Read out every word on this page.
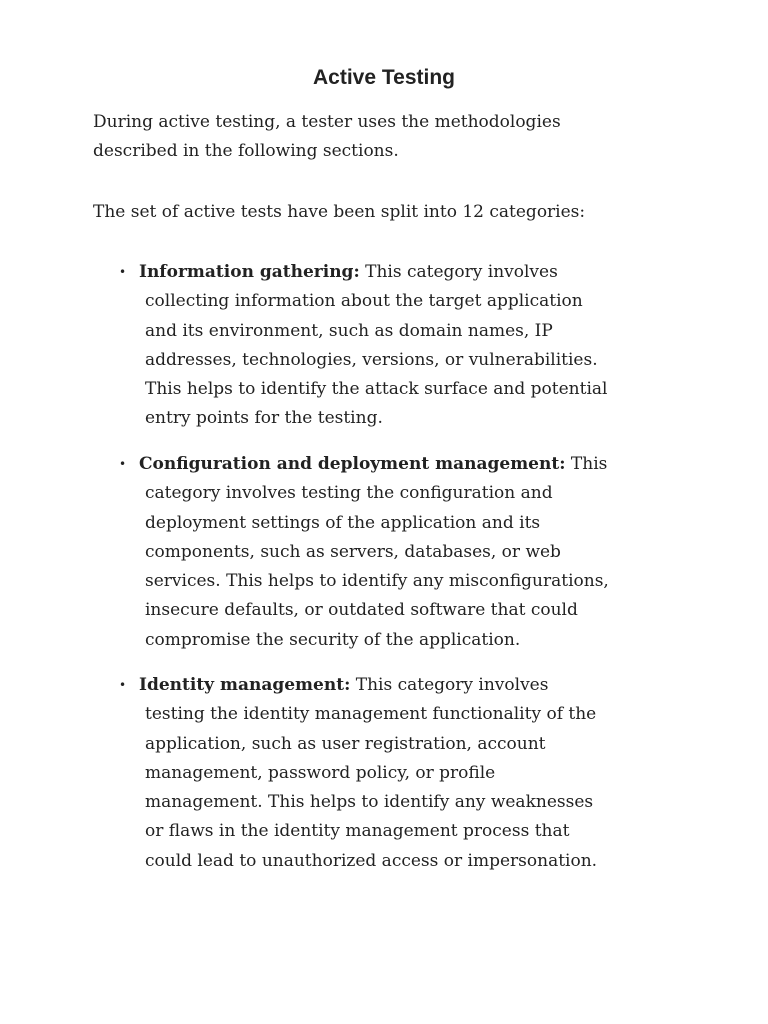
Active Testing

During active testing, a tester uses the methodologies
described in the following sections.

The set of active tests have been split into 12 categories:

• Information gathering: This category involves
collecting information about the target application
and its environment, such as domain names, IP
addresses, technologies, versions, or vulnerabilities.
This helps to identify the attack surface and potential
entry points for the testing.
• Configuration and deployment management: This
category involves testing the configuration and
deployment settings of the application and its
components, such as servers, databases, or web
services. This helps to identify any misconfigurations,
insecure defaults, or outdated software that could
compromise the security of the application.
• Identity management: This category involves
testing the identity management functionality of the
application, such as user registration, account
management, password policy, or profile
management. This helps to identify any weaknesses
or flaws in the identity management process that
could lead to unauthorized access or impersonation.
